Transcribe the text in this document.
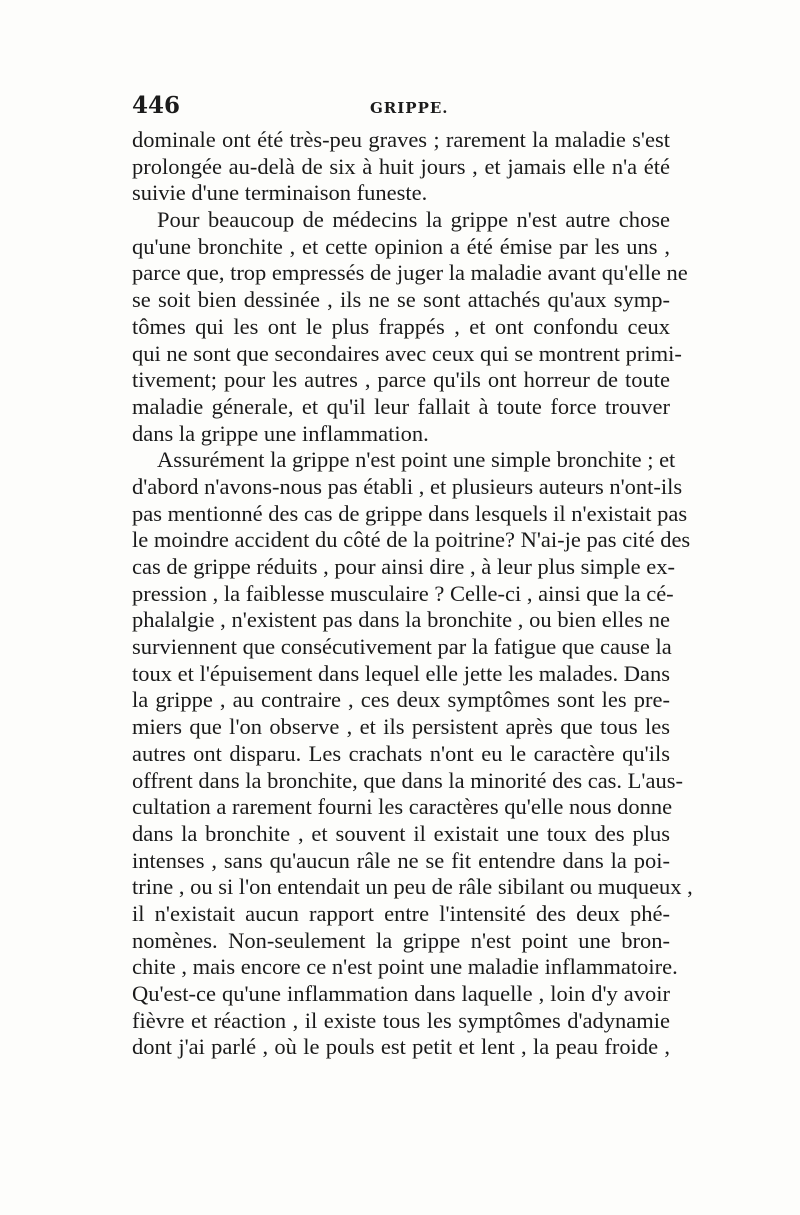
446	GRIPPE.
dominale ont été très-peu graves ; rarement la maladie s'est
prolongée au-delà de six à huit jours , et jamais elle n'a été
suivie d'une terminaison funeste.
Pour beaucoup de médecins la grippe n'est autre chose
qu'une bronchite , et cette opinion a été émise par les uns ,
parce que, trop empressés de juger la maladie avant qu'elle ne
se soit bien dessinée , ils ne se sont attachés qu'aux symp-
tômes qui les ont le plus frappés , et ont confondu ceux
qui ne sont que secondaires avec ceux qui se montrent primi-
tivement; pour les autres , parce qu'ils ont horreur de toute
maladie génerale, et qu'il leur fallait à toute force trouver
dans la grippe une inflammation.
Assurément la grippe n'est point une simple bronchite ; et
d'abord n'avons-nous pas établi , et plusieurs auteurs n'ont-ils
pas mentionné des cas de grippe dans lesquels il n'existait pas
le moindre accident du côté de la poitrine? N'ai-je pas cité des
cas de grippe réduits , pour ainsi dire , à leur plus simple ex-
pression , la faiblesse musculaire ? Celle-ci , ainsi que la cé-
phalalgie , n'existent pas dans la bronchite , ou bien elles ne
surviennent que consécutivement par la fatigue que cause la
toux et l'épuisement dans lequel elle jette les malades. Dans
la grippe , au contraire , ces deux symptômes sont les pre-
miers que l'on observe , et ils persistent après que tous les
autres ont disparu. Les crachats n'ont eu le caractère qu'ils
offrent dans la bronchite, que dans la minorité des cas. L'aus-
cultation a rarement fourni les caractères qu'elle nous donne
dans la bronchite , et souvent il existait une toux des plus
intenses , sans qu'aucun râle ne se fit entendre dans la poi-
trine , ou si l'on entendait un peu de râle sibilant ou muqueux ,
il n'existait aucun rapport entre l'intensité des deux phé-
nomènes. Non-seulement la grippe n'est point une bron-
chite , mais encore ce n'est point une maladie inflammatoire.
Qu'est-ce qu'une inflammation dans laquelle , loin d'y avoir
fièvre et réaction , il existe tous les symptômes d'adynamie
dont j'ai parlé , où le pouls est petit et lent , la peau froide ,
